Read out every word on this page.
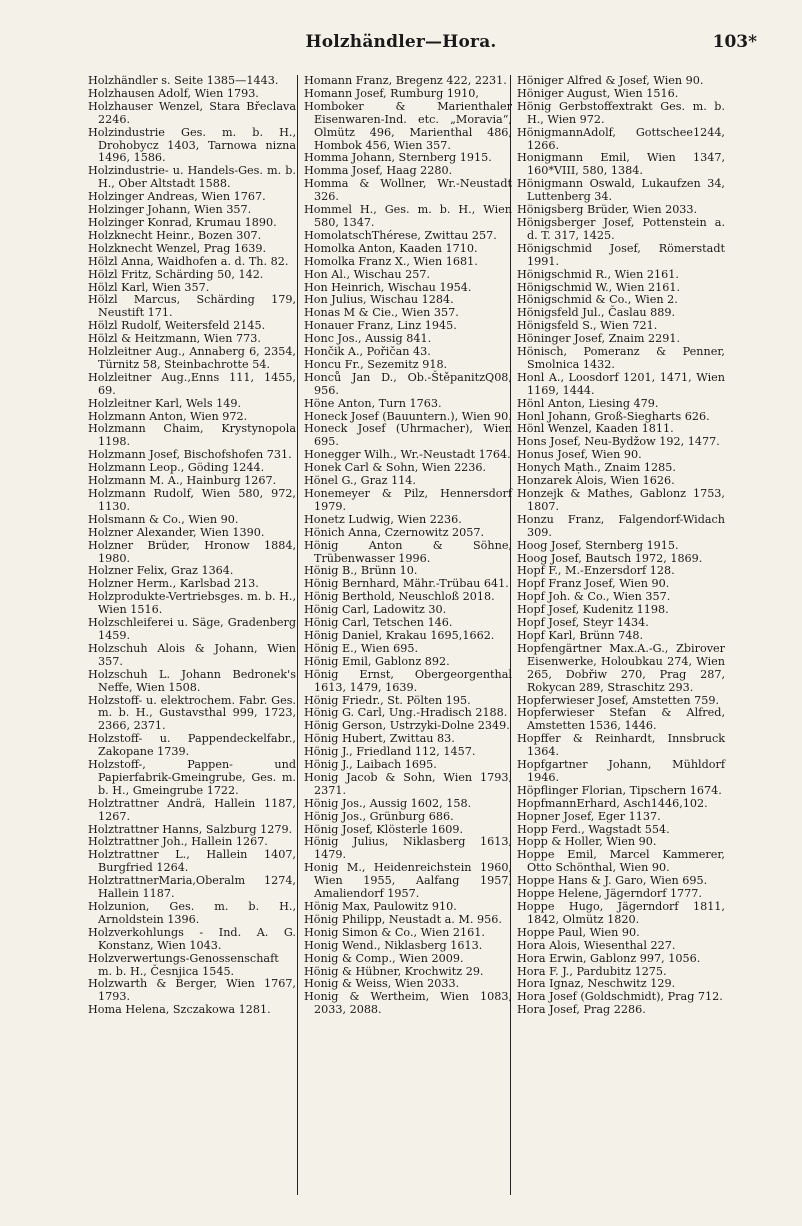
Holzhändler—Hora.	103*

Holzhändler s. Seite 1385—1443.

Holzhausen Adolf, Wien 1793.

Holzhauser Wenzel, Stara Břeclava 2246.

Holzindustrie Ges. m. b. H., Drohobycz 1403, Tarnowa nizna 1496, 1586.

Holzindustrie- u. Handels-Ges. m. b. H., Ober Altstadt 1588.

Holzinger Andreas, Wien 1767.

Holzinger Johann, Wien 357.

Holzinger Konrad, Krumau 1890.

Holzknecht Heinr., Bozen 307.

Holzknecht Wenzel, Prag 1639.

Hölzl Anna, Waidhofen a. d. Th. 82.

Hölzl Fritz, Schärding 50, 142.

Hölzl Karl, Wien 357.

Hölzl Marcus, Schärding 179, Neustift 171.

Hölzl Rudolf, Weitersfeld 2145.

Hölzl & Heitzmann, Wien 773.

Holzleitner Aug., Annaberg 6, 2354, Türnitz 58, Steinbachrotte 54.

Holzleitner Aug.,Enns 111, 1455, 69.

Holzleitner Karl, Wels 149.

Holzmann Anton, Wien 972.

Holzmann Chaim, Krystynopola 1198.

Holzmann Josef, Bischofshofen 731.

Holzmann Leop., Göding 1244.

Holzmann M. A., Hainburg 1267.

Holzmann Rudolf, Wien 580, 972, 1130.

Holsmann & Co., Wien 90.

Holzner Alexander, Wien 1390.

Holzner Brüder, Hronow 1884, 1980.

Holzner Felix, Graz 1364.

Holzner Herm., Karlsbad 213.

Holzprodukte-Vertriebsges. m. b. H., Wien 1516.

Holzschleiferei u. Säge, Gradenberg 1459.

Holzschuh Alois & Johann, Wien 357.

Holzschuh L. Johann Bedronek's Neffe, Wien 1508.

Holzstoff- u. elektrochem. Fabr. Ges. m. b. H., Gustavsthal 999, 1723, 2366, 2371.

Holzstoff- u. Pappendeckelfabr., Zakopane 1739.

Holzstoff-, Pappen- und Papierfabrik-Gmeingrube, Ges. m. b. H., Gmeingrube 1722.

Holztrattner Andrä, Hallein 1187, 1267.

Holztrattner Hanns, Salzburg 1279.

Holztrattner Joh., Hallein 1267.

Holztrattner L., Hallein 1407, Burgfried 1264.

HolztrattnerMaria,Oberalm 1274, Hallein 1187.

Holzunion, Ges. m. b. H., Arnoldstein 1396.

Holzverkohlungs - Ind. A. G. Konstanz, Wien 1043.

Holzverwertungs-Genossenschaft m. b. H., Česnjica 1545.

Holzwarth & Berger, Wien 1767, 1793.

Homa Helena, Szczakowa 1281.

Homann Franz, Bregenz 422, 2231.

Homann Josef, Rumburg 1910,

Homboker & Marienthaler Eisenwaren-Ind. etc. „Moravia“, Olmütz 496, Marienthal 486, Hombok 456, Wien 357.

Homma Johann, Sternberg 1915.

Homma Josef, Haag 2280.

Homma & Wollner, Wr.-Neustadt 326.

Hommel H., Ges. m. b. H., Wien 580, 1347.

HomolatschThérese, Zwittau 257.

Homolka Anton, Kaaden 1710.

Homolka Franz X., Wien 1681.

Hon Al., Wischau 257.

Hon Heinrich, Wischau 1954.

Hon Julius, Wischau 1284.

Honas M & Cie., Wien 357.

Honauer Franz, Linz 1945.

Honc Jos., Aussig 841.

Hončik A., Pořičan 43.

Honcu Fr., Sezemitz 918.

Honců Jan D., Ob.-ŠtěpanitzQ08, 956.

Höne Anton, Turn 1763.

Honeck Josef (Bauuntern.), Wien 90.

Honeck Josef (Uhrmacher), Wien 695.

Honegger Wilh., Wr.-Neustadt 1764.

Honek Carl & Sohn, Wien 2236.

Hönel G., Graz 114.

Honemeyer & Pilz, Hennersdorf 1979.

Honetz Ludwig, Wien 2236.

Hönich Anna, Czernowitz 2057.

Hönig Anton & Söhne, Trübenwasser 1996.

Hönig B., Brünn 10.

Hönig Bernhard, Mähr.-Trübau 641.

Hönig Berthold, Neuschloß 2018.

Hönig Carl, Ladowitz 30.

Hönig Carl, Tetschen 146.

Hönig Daniel, Krakau 1695,1662.

Hönig E., Wien 695.

Hönig Emil, Gablonz 892.

Hönig Ernst, Obergeorgenthal 1613, 1479, 1639.

Hönig Friedr., St. Pölten 195.

Hönig G. Carl, Ung.-Hradisch 2188.

Hönig Gerson, Ustrzyki-Dolne 2349.

Hönig Hubert, Zwittau 83.

Hönig J., Friedland 112, 1457.

Hönig J., Laibach 1695.

Honig Jacob & Sohn, Wien 1793, 2371.

Hönig Jos., Aussig 1602, 158.

Hönig Jos., Grünburg 686.

Hönig Josef, Klösterle 1609.

Hönig Julius, Niklasberg 1613, 1479.

Honig M., Heidenreichstein 1960, Wien 1955, Aalfang 1957, Amaliendorf 1957.

Hönig Max, Paulowitz 910.

Hönig Philipp, Neustadt a. M. 956.

Honig Simon & Co., Wien 2161.

Honig Wend., Niklasberg 1613.

Honig & Comp., Wien 2009.

Hönig & Hübner, Krochwitz 29.

Honig & Weiss, Wien 2033.

Honig & Wertheim, Wien 1083, 2033, 2088.

Höniger Alfred & Josef, Wien 90.

Höniger August, Wien 1516.

Hönig Gerbstoffextrakt Ges. m. b. H., Wien 972.

HönigmannAdolf, Gottschee1244, 1266.

Honigmann Emil, Wien 1347, 160*VIII, 580, 1384.

Hönigmann Oswald, Lukaufzen 34, Luttenberg 34.

Hönigsberg Brüder, Wien 2033.

Hönigsberger Josef, Pottenstein a. d. T. 317, 1425.

Hönigschmid Josef, Römerstadt 1991.

Hönigschmid R., Wien 2161.

Hönigschmid W., Wien 2161.

Hönigschmid & Co., Wien 2.

Hönigsfeld Jul., Časlau 889.

Hönigsfeld S., Wien 721.

Höninger Josef, Znaim 2291.

Hönisch, Pomeranz & Penner, Smolnica 1432.

Honl A., Loosdorf 1201, 1471, Wien 1169, 1444.

Hönl Anton, Liesing 479.

Honl Johann, Groß-Siegharts 626.

Hönl Wenzel, Kaaden 1811.

Hons Josef, Neu-Bydžow 192, 1477.

Honus Josef, Wien 90.

Honych Mạth., Znaim 1285.

Honzarek Alois, Wien 1626.

Honzejk & Mathes, Gablonz 1753, 1807.

Honzu Franz, Falgendorf-Widach 309.

Hoog Josef, Sternberg 1915.

Hoog Josef, Bautsch 1972, 1869.

Hopf F., M.-Enzersdorf 128.

Hopf Franz Josef, Wien 90.

Hopf Joh. & Co., Wien 357.

Hopf Josef, Kudenitz 1198.

Hopf Josef, Steyr 1434.

Hopf Karl, Brünn 748.

Hopfengärtner Max.A.-G., Zbirover Eisenwerke, Holoubkau 274, Wien 265, Dobřiw 270, Prag 287, Rokycan 289, Straschitz 293.

Hopferwieser Josef, Amstetten 759.

Hopferwieser Stefan & Alfred, Amstetten 1536, 1446.

Hopffer & Reinhardt, Innsbruck 1364.

Hopfgartner Johann, Mühldorf 1946.

Höpflinger Florian, Tipschern 1674.

HopfmannErhard, Asch1446,102.

Hopner Josef, Eger 1137.

Hopp Ferd., Wagstadt 554.

Hopp & Holler, Wien 90.

Hoppe Emil, Marcel Kammerer, Otto Schönthal, Wien 90.

Hoppe Hans & J. Garo, Wien 695.

Hoppe Helene, Jägerndorf 1777.

Hoppe Hugo, Jägerndorf 1811, 1842, Olmütz 1820.

Hoppe Paul, Wien 90.

Hora Alois, Wiesenthal 227.

Hora Erwin, Gablonz 997, 1056.

Hora F. J., Pardubitz 1275.

Hora Ignaz, Neschwitz 129.

Hora Josef (Goldschmidt), Prag 712.

Hora Josef, Prag 2286.
